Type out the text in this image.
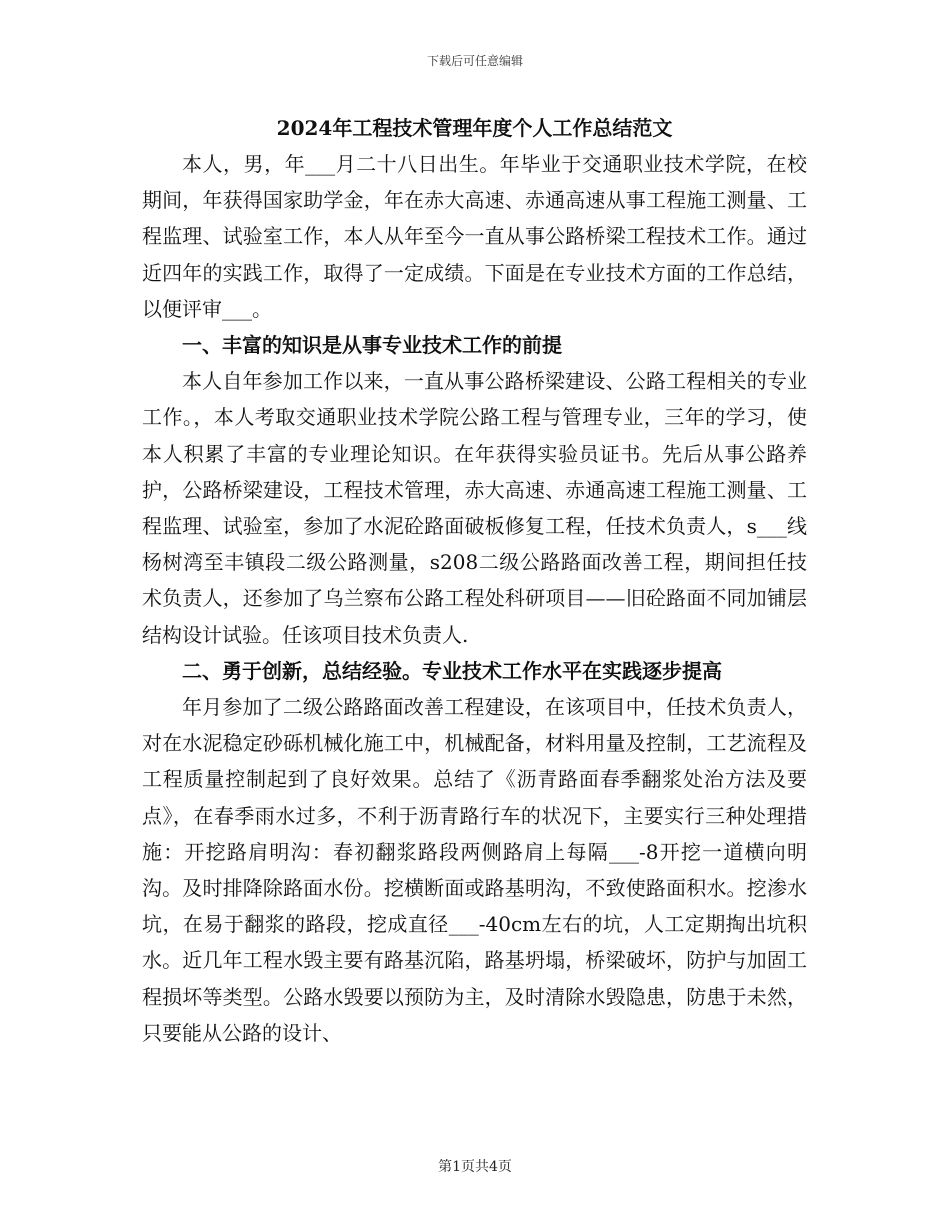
下载后可任意编辑

2024年工程技术管理年度个人工作总结范文

本人，男，年___月二十八日出生。年毕业于交通职业技术学院，在校期间，年获得国家助学金，年在赤大高速、赤通高速从事工程施工测量、工程监理、试验室工作，本人从年至今一直从事公路桥梁工程技术工作。通过近四年的实践工作，取得了一定成绩。下面是在专业技术方面的工作总结，以便评审___。

一、丰富的知识是从事专业技术工作的前提

本人自年参加工作以来，一直从事公路桥梁建设、公路工程相关的专业工作。，本人考取交通职业技术学院公路工程与管理专业，三年的学习，使本人积累了丰富的专业理论知识。在年获得实验员证书。先后从事公路养护，公路桥梁建设，工程技术管理，赤大高速、赤通高速工程施工测量、工程监理、试验室，参加了水泥砼路面破板修复工程，任技术负责人，s___线杨树湾至丰镇段二级公路测量，s208二级公路路面改善工程，期间担任技术负责人，还参加了乌兰察布公路工程处科研项目——旧砼路面不同加铺层结构设计试验。任该项目技术负责人.

二、勇于创新，总结经验。专业技术工作水平在实践逐步提高

年月参加了二级公路路面改善工程建设，在该项目中，任技术负责人，对在水泥稳定砂砾机械化施工中，机械配备，材料用量及控制，工艺流程及工程质量控制起到了良好效果。总结了《沥青路面春季翻浆处治方法及要点》，在春季雨水过多，不利于沥青路行车的状况下，主要实行三种处理措施：开挖路肩明沟：春初翻浆路段两侧路肩上每隔___-8开挖一道横向明沟。及时排降除路面水份。挖横断面或路基明沟，不致使路面积水。挖渗水坑，在易于翻浆的路段，挖成直径___-40cm左右的坑，人工定期掏出坑积水。近几年工程水毁主要有路基沉陷，路基坍塌，桥梁破坏，防护与加固工程损坏等类型。公路水毁要以预防为主，及时清除水毁隐患，防患于未然，只要能从公路的设计、

第1页共4页
